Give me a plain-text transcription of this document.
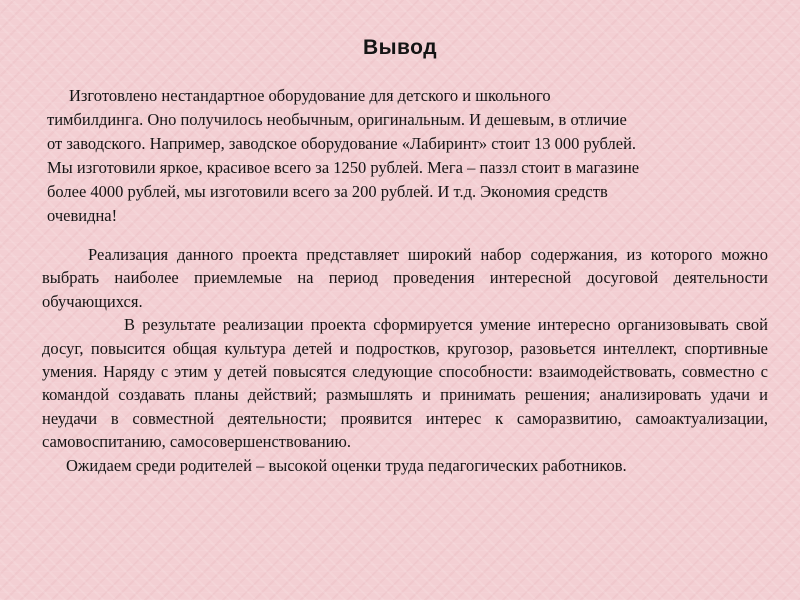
Вывод
Изготовлено нестандартное оборудование для детского и школьного
тимбилдинга. Оно получилось необычным, оригинальным. И дешевым, в отличие
от заводского. Например, заводское оборудование «Лабиринт» стоит 13 000 рублей.
Мы изготовили яркое, красивое всего за 1250 рублей. Мега – паззл стоит в магазине
более 4000 рублей, мы изготовили всего за 200 рублей. И т.д. Экономия средств
очевидна!

Реализация данного проекта представляет широкий набор содержания, из которого можно выбрать наиболее приемлемые на период проведения интересной досуговой деятельности обучающихся.

В результате реализации проекта сформируется умение интересно организовывать свой досуг, повысится общая культура детей и подростков, кругозор, разовьется интеллект, спортивные умения. Наряду с этим у детей повысятся следующие способности: взаимодействовать, совместно с командой создавать планы действий; размышлять и принимать решения; анализировать удачи и неудачи в совместной деятельности; проявится интерес к саморазвитию, самоактуализации, самовоспитанию, самосовершенствованию.

Ожидаем среди родителей – высокой оценки труда педагогических работников.
